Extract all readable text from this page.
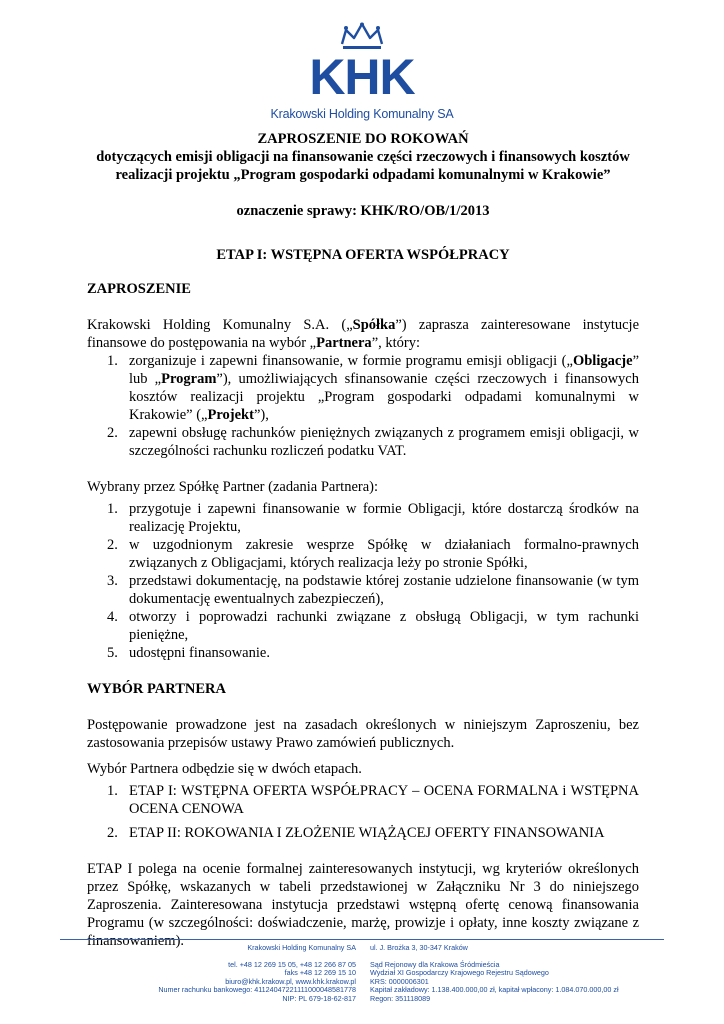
KHK
Krakowski Holding Komunalny SA

ZAPROSZENIE DO ROKOWAŃ

dotyczących emisji obligacji na finansowanie części rzeczowych i finansowych kosztów

realizacji projektu „Program gospodarki odpadami komunalnymi w Krakowie”

oznaczenie sprawy: KHK/RO/OB/1/2013

ETAP I: WSTĘPNA OFERTA WSPÓŁPRACY

ZAPROSZENIE

Krakowski Holding Komunalny S.A. („Spółka”) zaprasza zainteresowane instytucje finansowe do postępowania na wybór „Partnera”, który:

1. zorganizuje i zapewni finansowanie, w formie programu emisji obligacji („Obligacje” lub „Program”), umożliwiających sfinansowanie części rzeczowych i finansowych kosztów realizacji projektu „Program gospodarki odpadami komunalnymi w Krakowie” („Projekt”),
2. zapewni obsługę rachunków pieniężnych związanych z programem emisji obligacji, w szczególności rachunku rozliczeń podatku VAT.

Wybrany przez Spółkę Partner (zadania Partnera):

1. przygotuje i zapewni finansowanie w formie Obligacji, które dostarczą środków na realizację Projektu,
2. w uzgodnionym zakresie wesprze Spółkę w działaniach formalno-prawnych związanych z Obligacjami, których realizacja leży po stronie Spółki,
3. przedstawi dokumentację, na podstawie której zostanie udzielone finansowanie (w tym dokumentację ewentualnych zabezpieczeń),
4. otworzy i poprowadzi rachunki związane z obsługą Obligacji, w tym rachunki pieniężne,
5. udostępni finansowanie.

WYBÓR PARTNERA

Postępowanie prowadzone jest na zasadach określonych w niniejszym Zaproszeniu, bez zastosowania przepisów ustawy Prawo zamówień publicznych.

Wybór Partnera odbędzie się w dwóch etapach.

1. ETAP I: WSTĘPNA OFERTA WSPÓŁPRACY – OCENA FORMALNA i WSTĘPNA OCENA CENOWA
2. ETAP II: ROKOWANIA I ZŁOŻENIE WIĄŻĄCEJ OFERTY FINANSOWANIA

ETAP I polega na ocenie formalnej zainteresowanych instytucji, wg kryteriów określonych przez Spółkę, wskazanych w tabeli przedstawionej w Załączniku Nr 3 do niniejszego Zaproszenia. Zainteresowana instytucja przedstawi wstępną ofertę cenową finansowania Programu (w szczególności: doświadczenie, marżę, prowizje i opłaty, inne koszty związane z finansowaniem).	Krakowski Holding Komunalny SA
tel. +48 12 269 15 05, +48 12 266 87 05
faks +48 12 269 15 10
biuro@khk.krakow.pl, www.khk.krakow.pl
Numer rachunku bankowego: 41124047221111000048581778
NIP: PL 679-18-62-817
ul. J. Brożka 3, 30-347 Kraków
Sąd Rejonowy dla Krakowa Śródmieścia
Wydział XI Gospodarczy Krajowego Rejestru Sądowego
KRS: 0000006301
Kapitał zakładowy: 1.138.400.000,00 zł, kapitał wpłacony: 1.084.070.000,00 zł
Regon: 351118089
